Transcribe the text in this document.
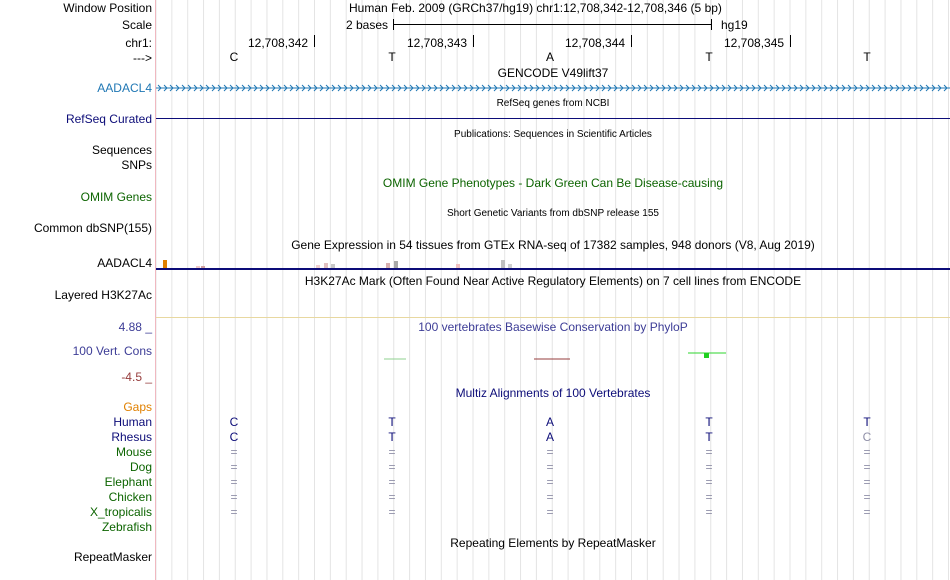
Window Position	Human Feb. 2009 (GRCh37/hg19) chr1:12,708,342-12,708,346 (5 bp)
Scale	2 bases	hg19
chr1:	12,708,342	12,708,343	12,708,344	12,708,345
--->	C	T	A	T	T
GENCODE V49lift37
AADACL4
RefSeq genes from NCBI
RefSeq Curated
Publications: Sequences in Scientific Articles
Sequences
SNPs
OMIM Gene Phenotypes - Dark Green Can Be Disease-causing
OMIM Genes
Short Genetic Variants from dbSNP release 155
Common dbSNP(155)
Gene Expression in 54 tissues from GTEx RNA-seq of 17382 samples, 948 donors (V8, Aug 2019)
AADACL4
H3K27Ac Mark (Often Found Near Active Regulatory Elements) on 7 cell lines from ENCODE
Layered H3K27Ac
4.88 _	100 vertebrates Basewise Conservation by PhyloP
100 Vert. Cons
-4.5 _
Multiz Alignments of 100 Vertebrates
Gaps
Human	C	T	A	T	T
Rhesus	C	T	A	T	C
Mouse	=	=	=	=	=
Dog	=	=	=	=	=
Elephant	=	=	=	=	=
Chicken	=	=	=	=	=
X_tropicalis	=	=	=	=	=
Zebrafish
Repeating Elements by RepeatMasker
RepeatMasker
